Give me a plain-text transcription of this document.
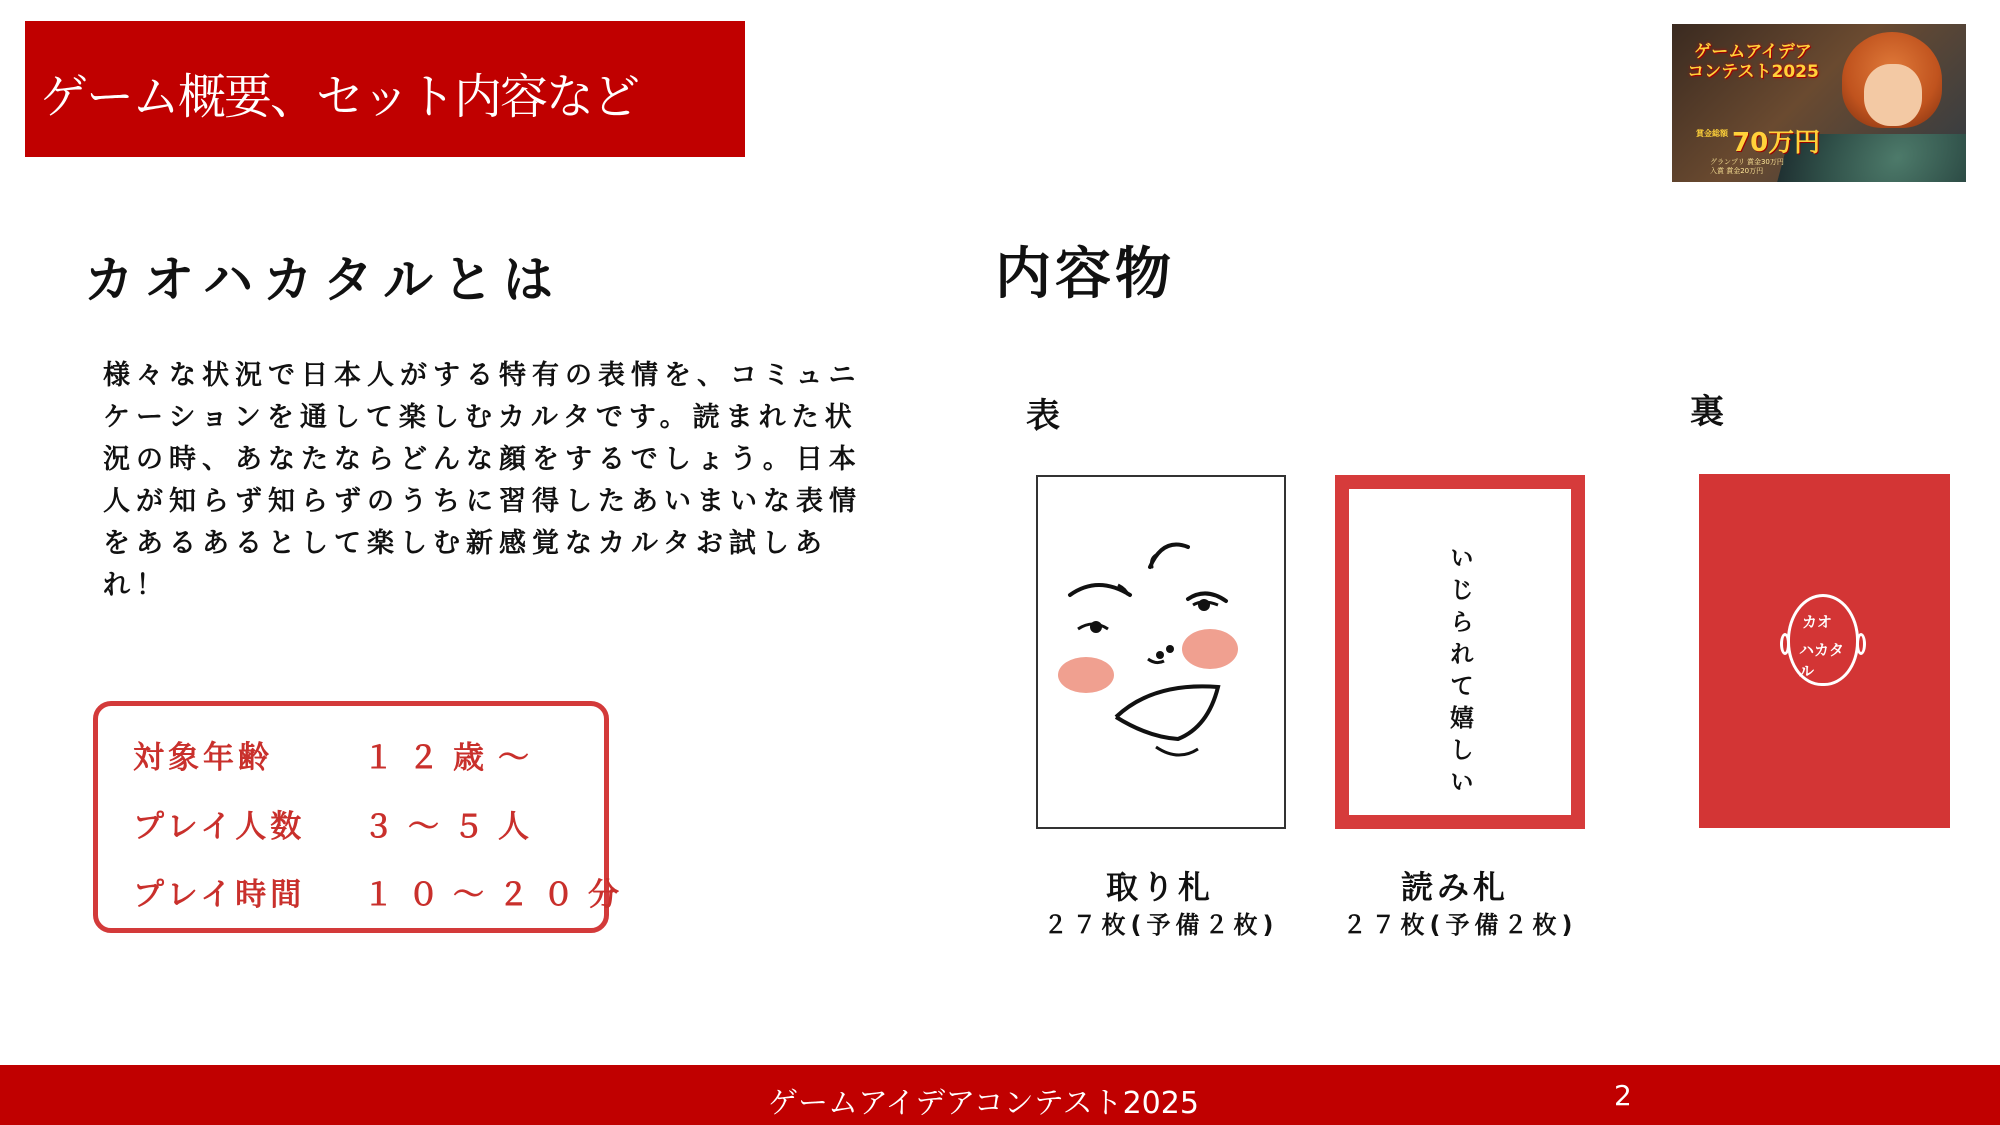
ゲーム概要、セット内容など
ゲームアイデア
コンテスト2025
賞金総額 70万円
グランプリ 賞金30万円
入賞 賞金20万円
カオハカタルとは
様々な状況で日本人がする特有の表情を、コミュニケーションを通して楽しむカルタです。読まれた状況の時、あなたならどんな顔をするでしょう。日本人が知らず知らずのうちに習得したあいまいな表情をあるあるとして楽しむ新感覚なカルタお試しあれ！
対象年齢	１２歳～
プレイ人数 ３～５人
プレイ時間 １０～２０分
内容物
表	裏
いじられて嬉しい	カオ
ハカタル
取り札
２７枚(予備２枚)
読み札
２７枚(予備２枚)
ゲームアイデアコンテスト2025	2
